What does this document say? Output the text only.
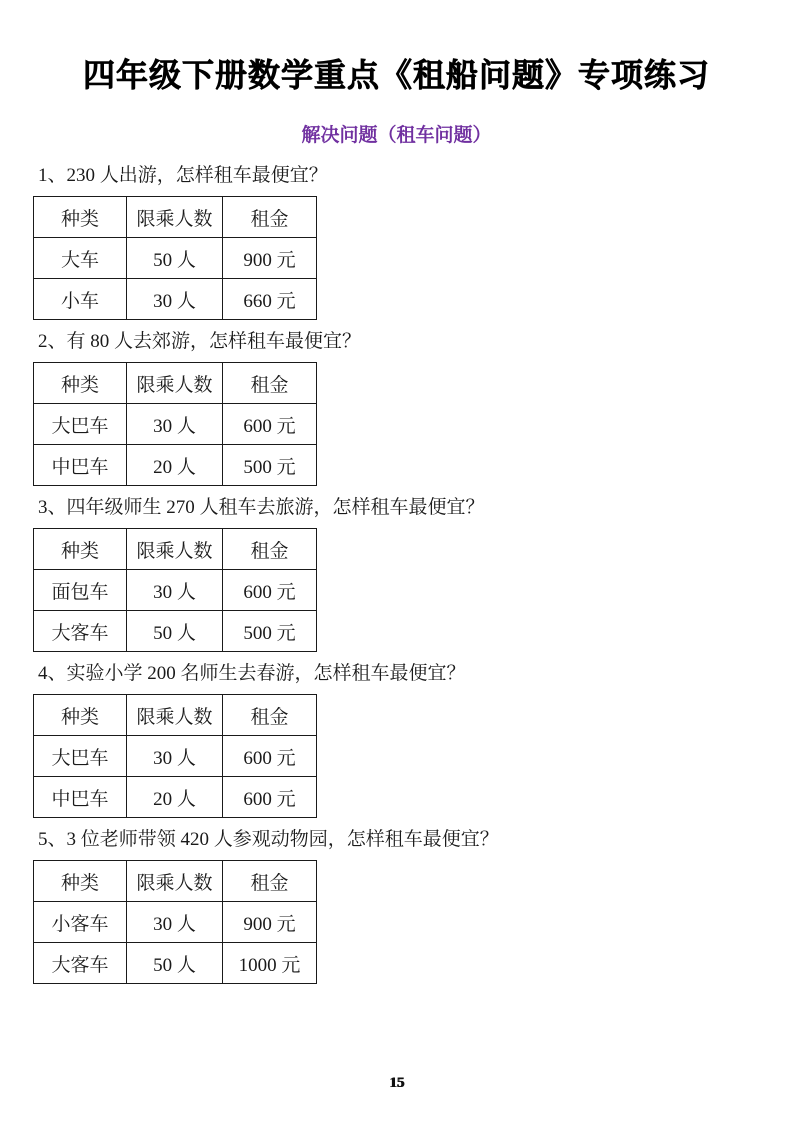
四年级下册数学重点《租船问题》专项练习
解决问题（租车问题）

1、230 人出游，怎样租车最便宜？

种类	限乘人数	租金
大车	50 人	900 元
小车	30 人	660 元

2、有 80 人去郊游，怎样租车最便宜？

种类	限乘人数	租金
大巴车	30 人	600 元
中巴车	20 人	500 元

3、四年级师生 270 人租车去旅游，怎样租车最便宜？

种类	限乘人数	租金
面包车	30 人	600 元
大客车	50 人	500 元

4、实验小学 200 名师生去春游，怎样租车最便宜？

种类	限乘人数	租金
大巴车	30 人	600 元
中巴车	20 人	600 元

5、3 位老师带领 420 人参观动物园，怎样租车最便宜？

种类	限乘人数	租金
小客车	30 人	900 元
大客车	50 人	1000 元
15
